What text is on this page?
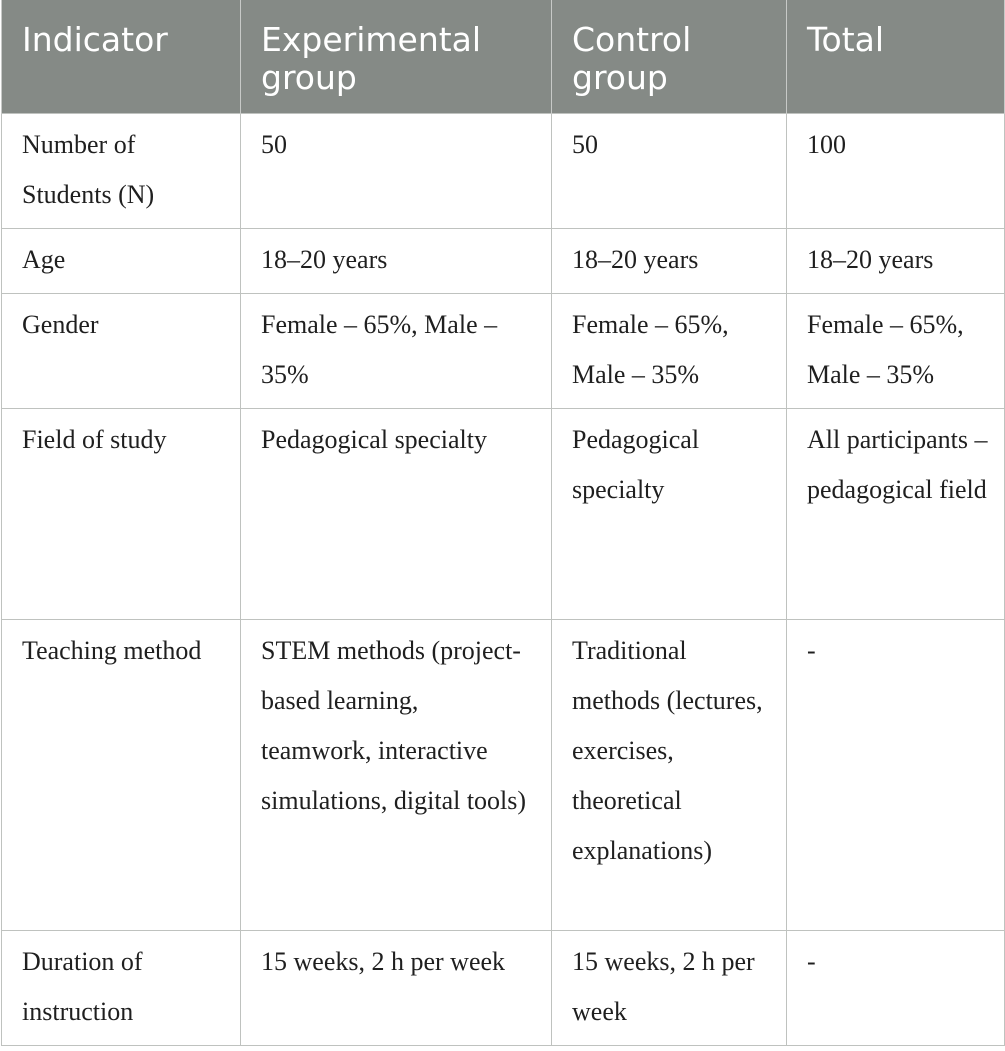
Indicator	Experimental group	Control group	Total
Number of Students (N)	50	50	100
Age	18–20 years	18–20 years	18–20 years
Gender	Female – 65%, Male – 35%	Female – 65%, Male – 35%	Female – 65%, Male – 35%
Field of study	Pedagogical specialty	Pedagogical specialty	All participants – pedagogical field
Teaching method	STEM methods (project-based learning, teamwork, interactive simulations, digital tools)	Traditional methods (lectures, exercises, theoretical explanations)	-
Duration of instruction	15 weeks, 2 h per week	15 weeks, 2 h per week	-
